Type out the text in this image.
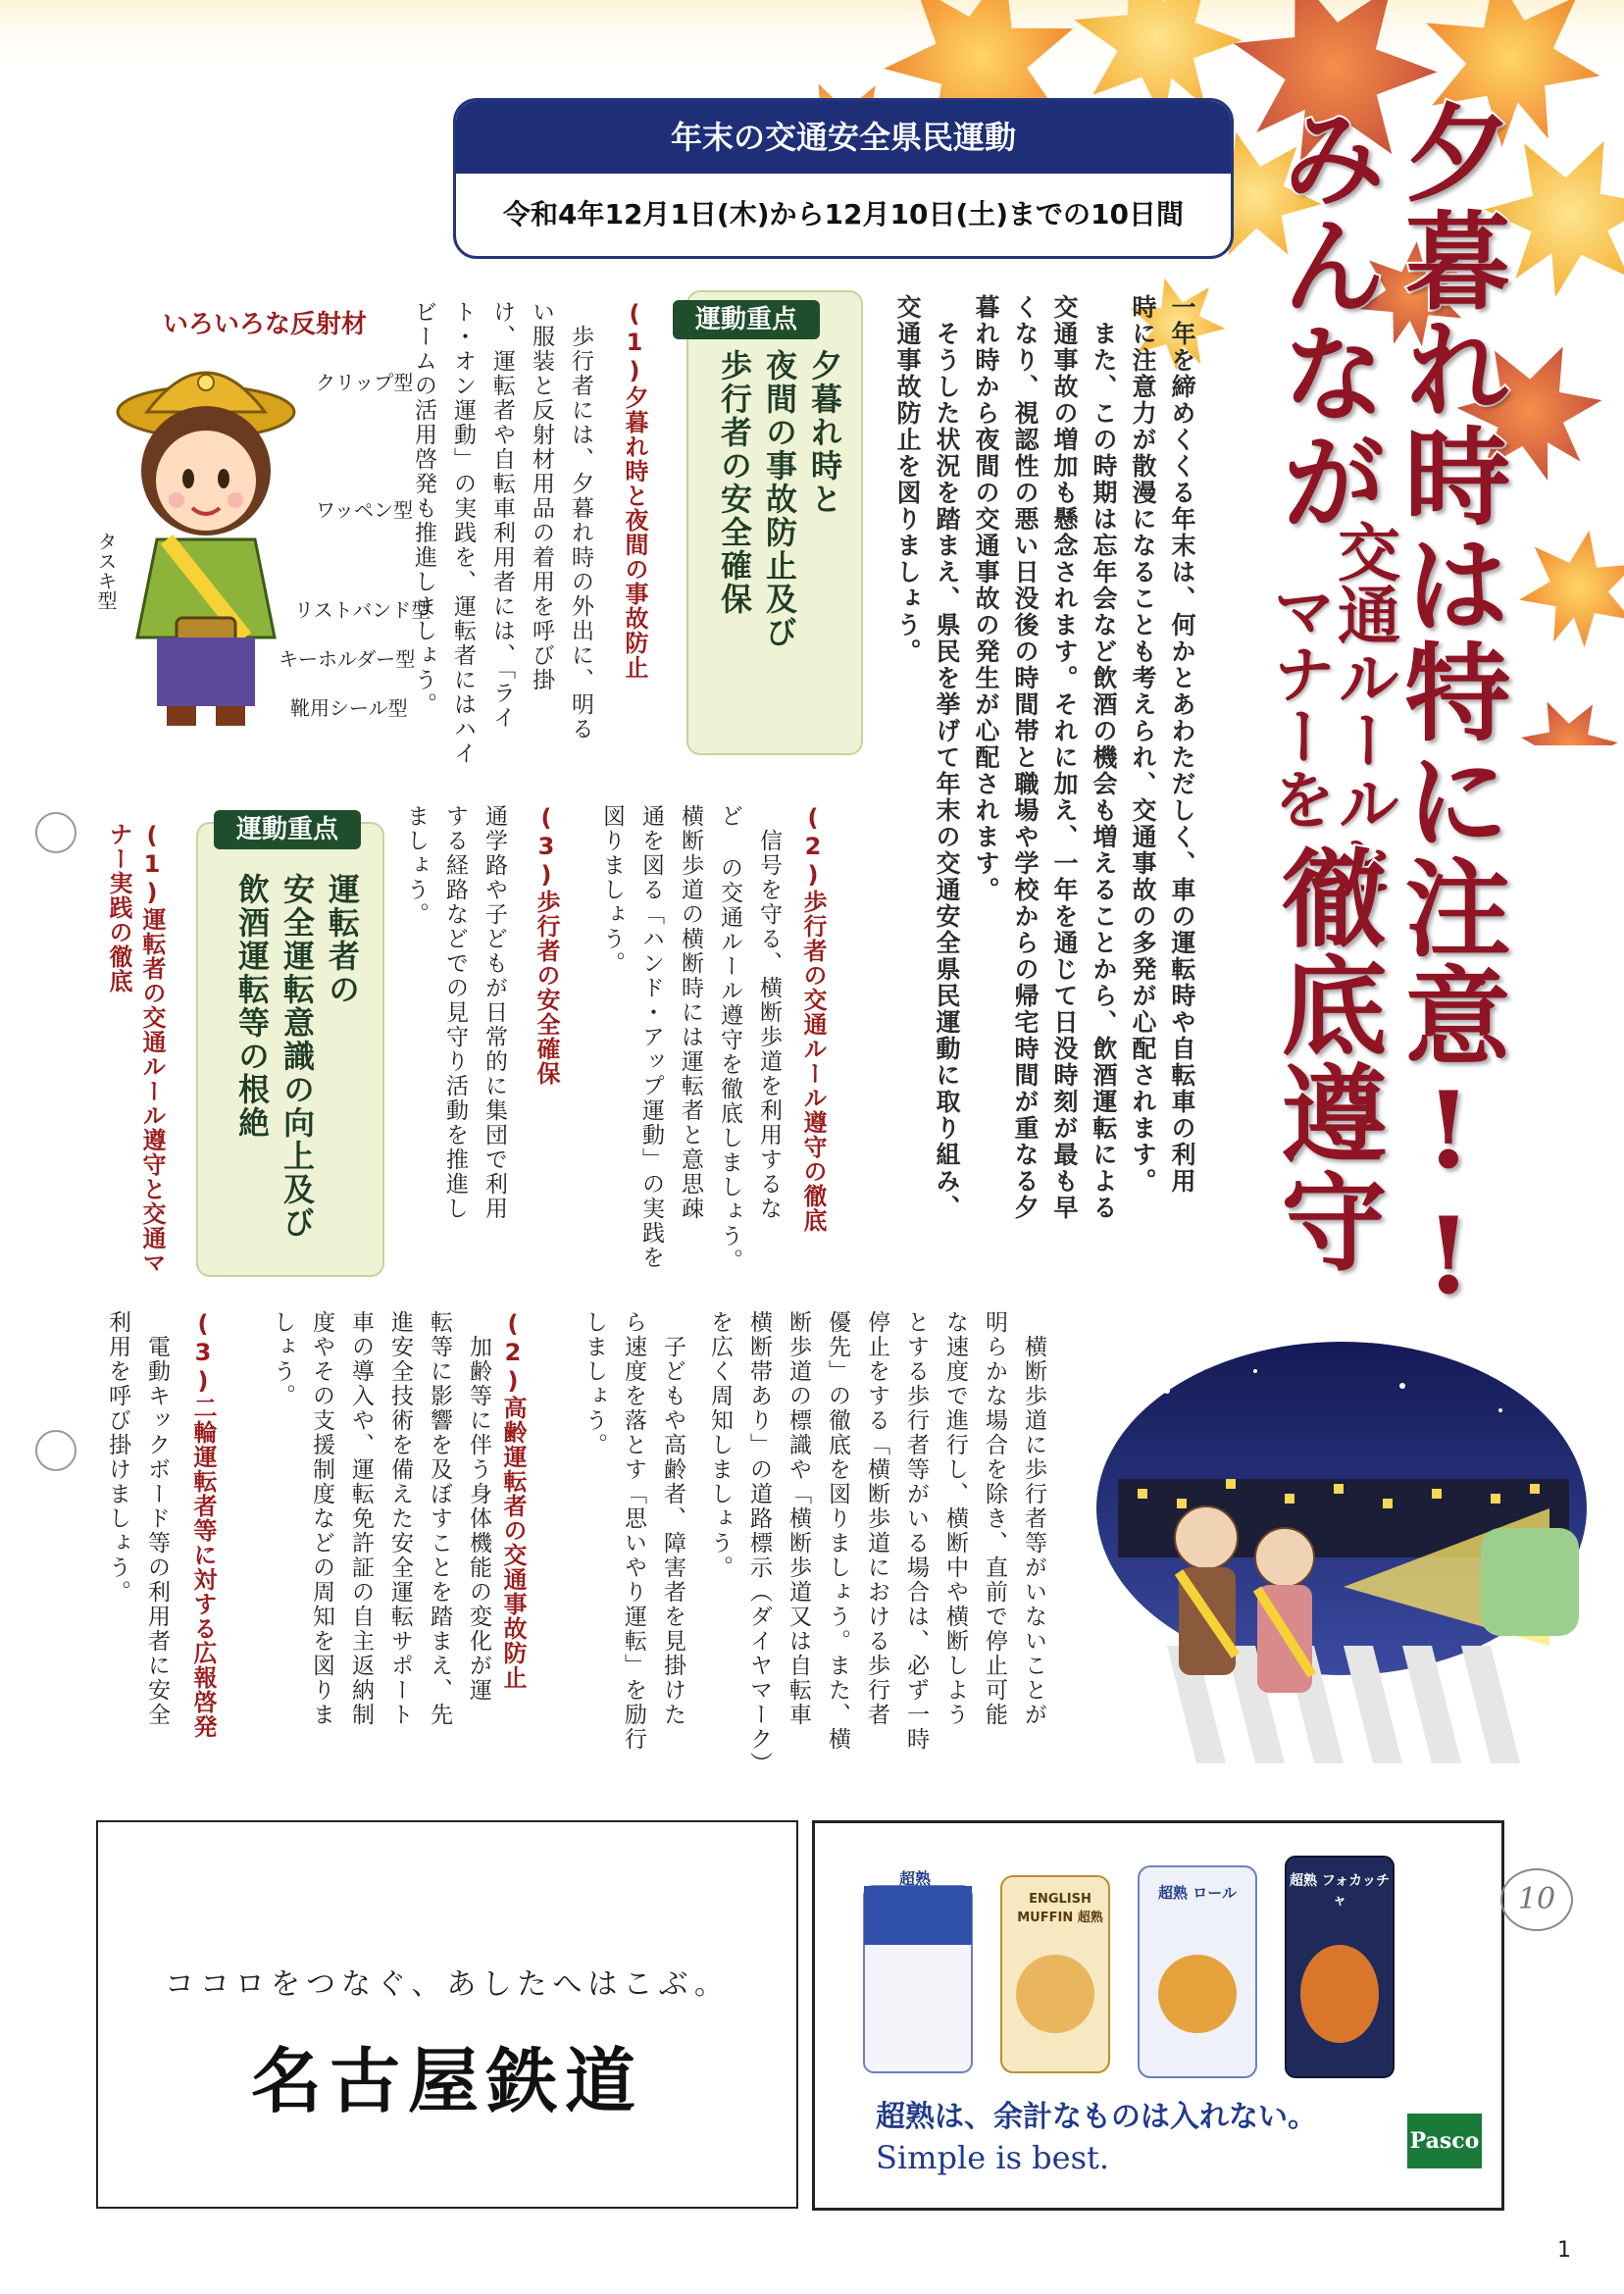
年末の交通安全県民運動
令和4年12月1日(木)から12月10日(土)までの10日間	夕暮れ時は特に注意!!
みんなが
交通ルールと
マナーを
徹底遵守
一年を締めくくる年末は、何かとあわただしく、車の運転時や自転車の利用
時に注意力が散漫になることも考えられ、交通事故の多発が心配されます。
　また、この時期は忘年会など飲酒の機会も増えることから、飲酒運転による
交通事故の増加も懸念されます。それに加え、一年を通じて日没時刻が最も早
くなり、視認性の悪い日没後の時間帯と職場や学校からの帰宅時間が重なる夕
暮れ時から夜間の交通事故の発生が心配されます。
　そうした状況を踏まえ、県民を挙げて年末の交通安全県民運動に取り組み、
交通事故防止を図りましょう。
運動重点
夕暮れ時と
夜間の事故防止及び
歩行者の安全確保
(1)夕暮れ時と夜間の事故防止
　歩行者には、夕暮れ時の外出に、明る
い服装と反射材用品の着用を呼び掛
け、運転者や自転車利用者には、「ライ
ト・オン運動」の実践を、運転者にはハイ
ビームの活用啓発も推進しましょう。
(2)歩行者の交通ルール遵守の徹底
　信号を守る、横断歩道を利用するな
ど の交通ルール遵守を徹底しましょう。
横断歩道の横断時には運転者と意思疎
通を図る「ハンド・アップ運動」の実践を
図りましょう。
(3)歩行者の安全確保
通学路や子どもが日常的に集団で利用
する経路などでの見守り活動を推進し
ましょう。
　横断歩道に歩行者等がいないことが
明らかな場合を除き、直前で停止可能
な速度で進行し、横断中や横断しよう
とする歩行者等がいる場合は、必ず一時
停止をする「横断歩道における歩行者
優先」の徹底を図りましょう。また、横
断歩道の標識や「横断歩道又は自転車
横断帯あり」の道路標示（ダイヤマーク）
を広く周知しましょう。
いろいろな反射材
クリップ型
ワッペン型
タスキ型	リストバンド型
キーホルダー型
靴用シール型
運動重点
運転者の
安全運転意識の向上及び
飲酒運転等の根絶
(1)運転者の交通ルール遵守と交通マ
ナー実践の徹底
　子どもや高齢者、障害者を見掛けた
ら速度を落とす「思いやり運転」を励行
しましょう。
(2)高齢運転者の交通事故防止
　加齢等に伴う身体機能の変化が運
転等に影響を及ぼすことを踏まえ、先
進安全技術を備えた安全運転サポート
車の導入や、運転免許証の自主返納制
度やその支援制度などの周知を図りま
しょう。
(3)二輪運転者等に対する広報啓発
　電動キックボード等の利用者に安全
利用を呼び掛けましょう。
ココロをつなぐ、あしたへはこぶ。
名古屋鉄道
超熟
ENGLISH MUFFIN 超熟
超熟 ロール
超熟 フォカッチャ
超熟は、余計なものは入れない。
Simple is best.	Pasco
10
1
